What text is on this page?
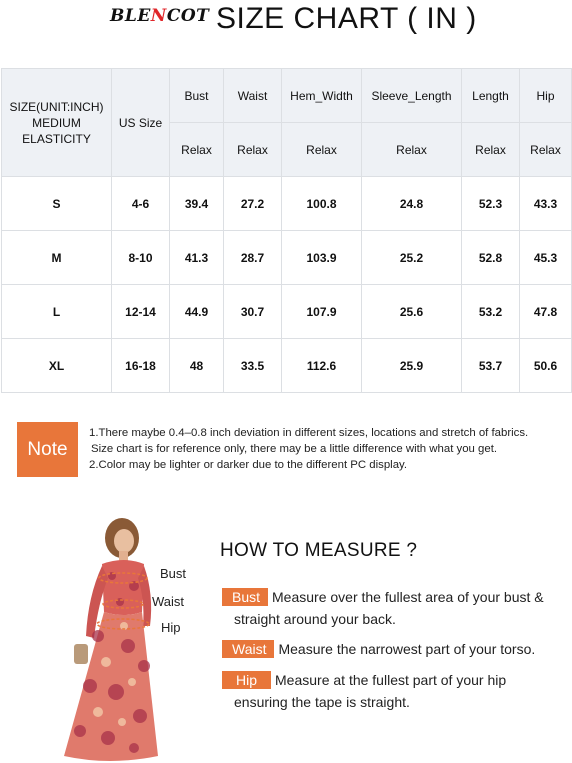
BLENCOT SIZE CHART ( IN )
SIZE(UNIT:INCH)
MEDIUM
ELASTICITY	US Size	Bust	Waist	Hem_Width	Sleeve_Length	Length	Hip
		Relax	Relax	Relax	Relax	Relax	Relax
S	4-6	39.4	27.2	100.8	24.8	52.3	43.3
M	8-10	41.3	28.7	103.9	25.2	52.8	45.3
L	12-14	44.9	30.7	107.9	25.6	53.2	47.8
XL	16-18	48	33.5	112.6	25.9	53.7	50.6
Note
1.There maybe 0.4–0.8 inch deviation in different sizes, locations and stretch of fabrics.
Size chart is for reference only, there may be a little difference with what you get.
2.Color may be lighter or darker due to the different PC display.
Bust
Waist
Hip
HOW TO MEASURE ?
Bust Measure over the fullest area of your bust &
straight around your back.
Waist Measure the narrowest part of your torso.
Hip Measure at the fullest part of your hip
ensuring the tape is straight.
